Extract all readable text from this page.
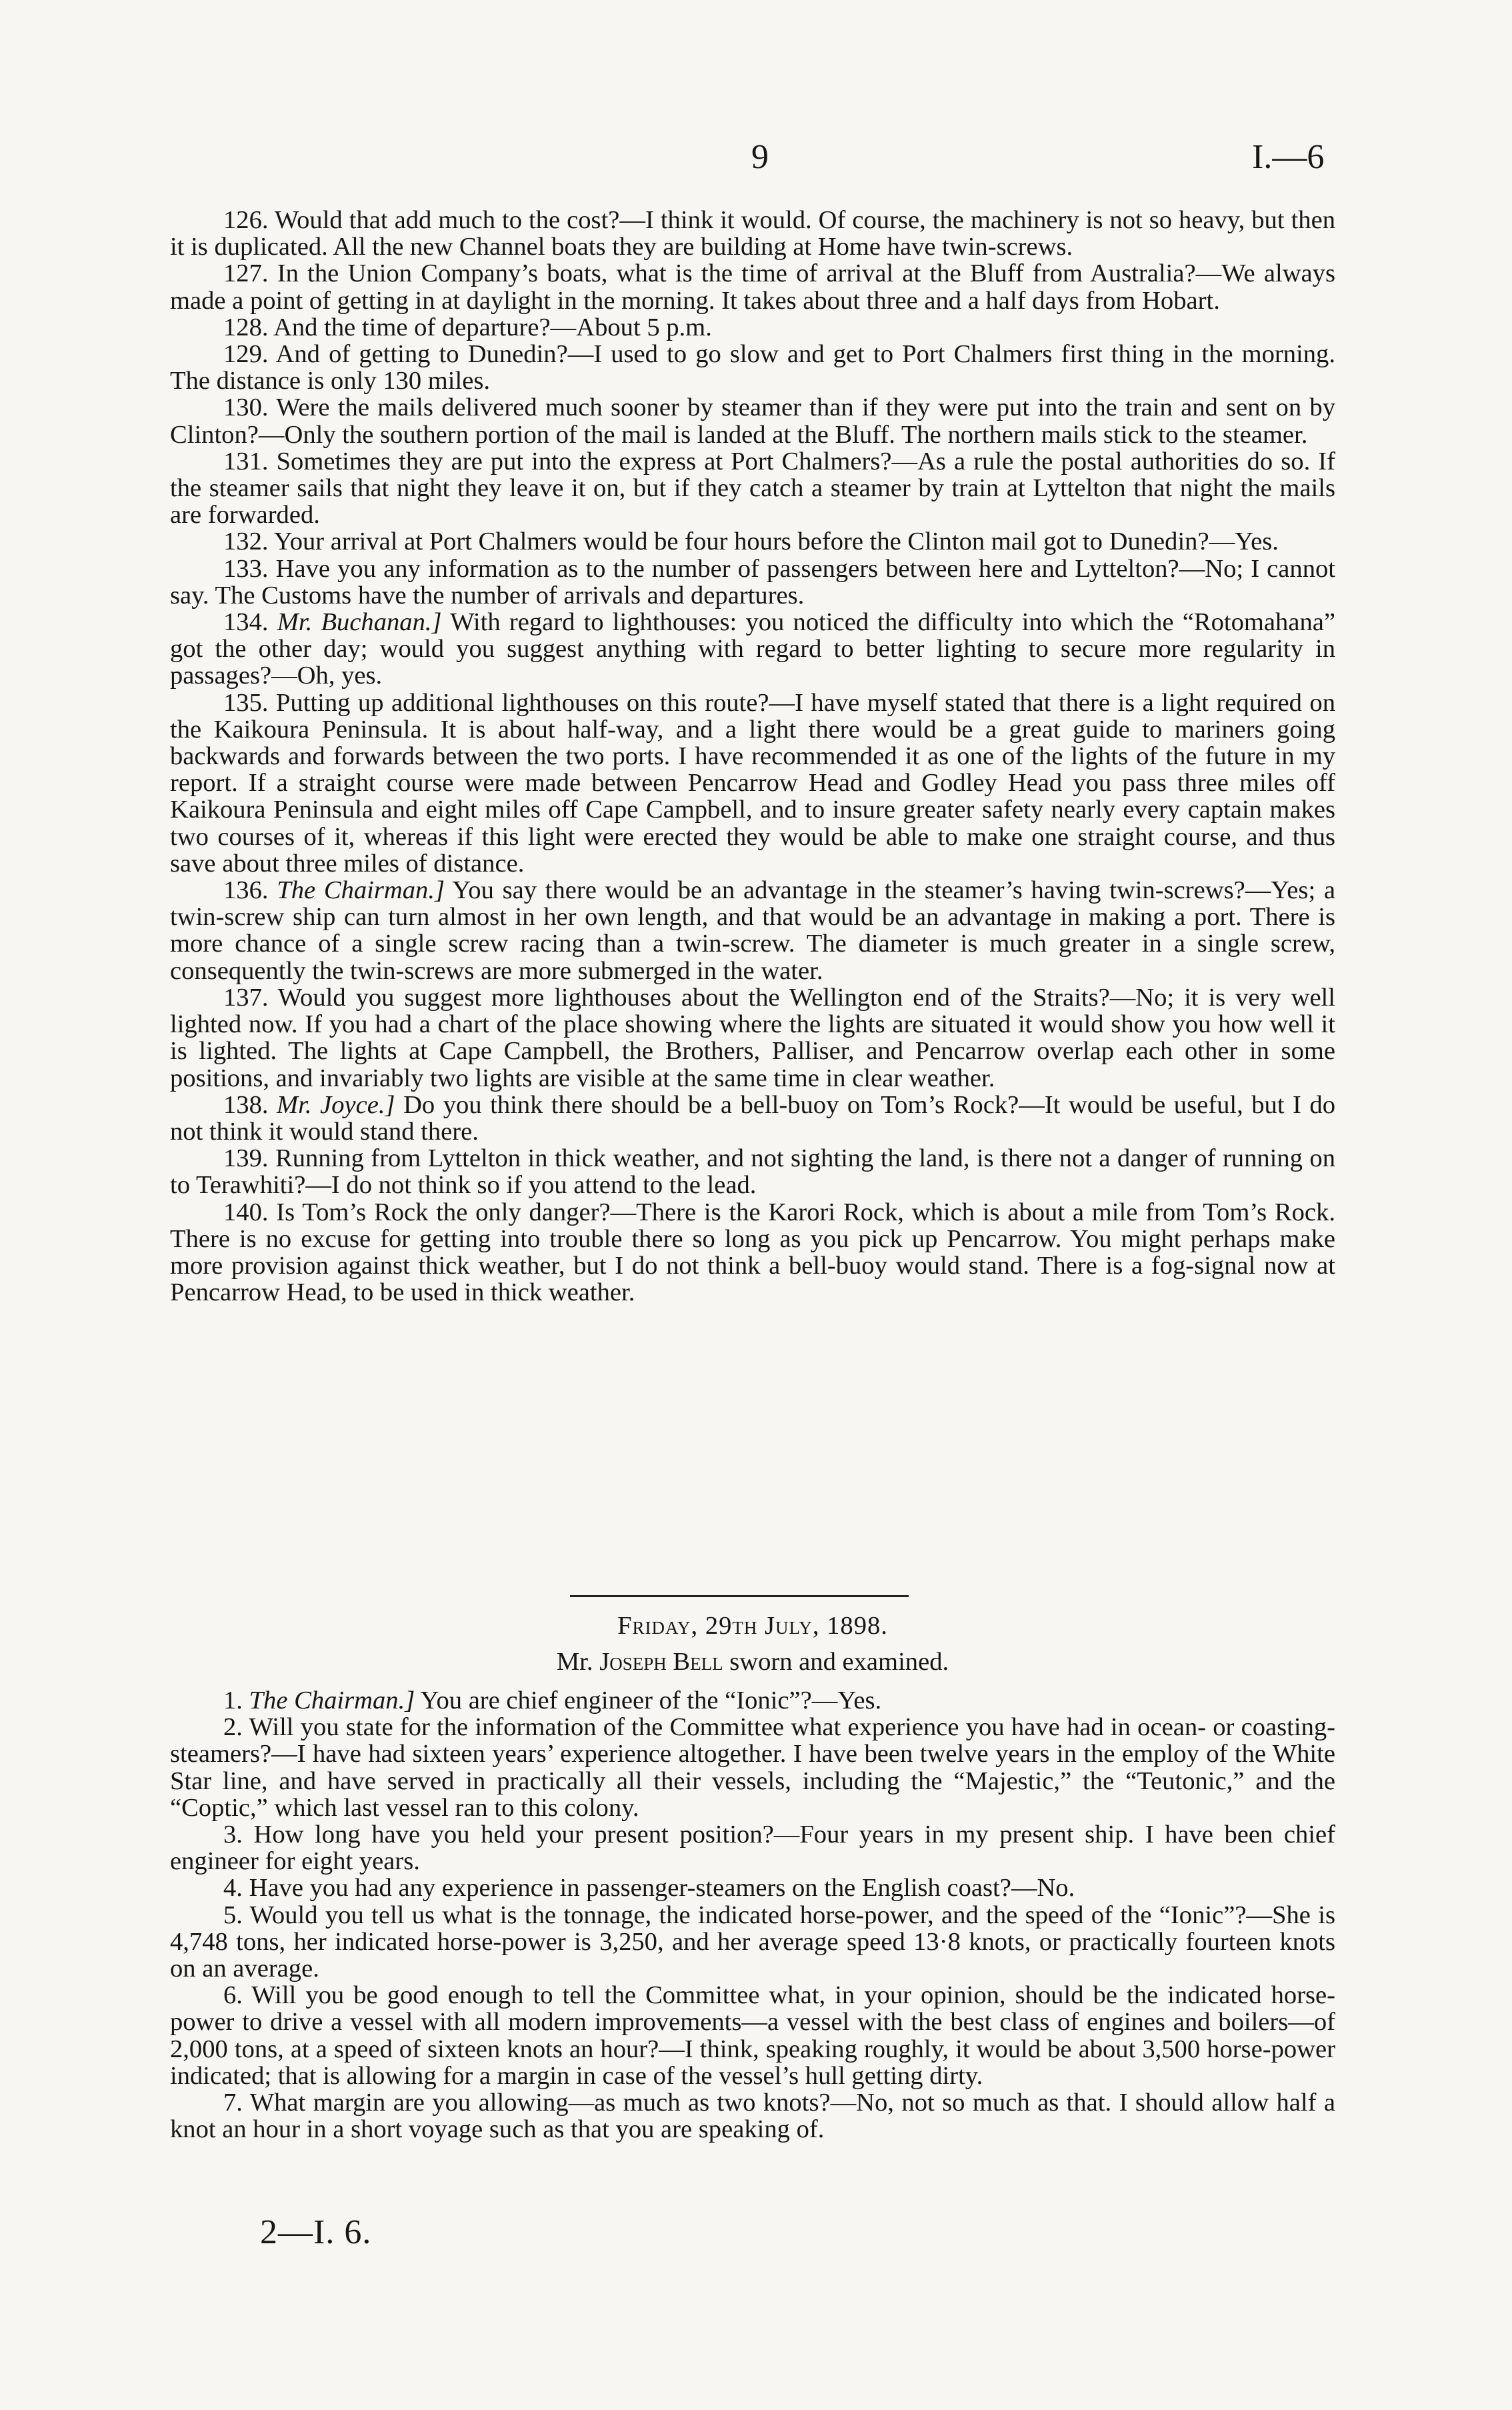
9	I.—6

126. Would that add much to the cost?—I think it would. Of course, the machinery is not so heavy, but then it is duplicated. All the new Channel boats they are building at Home have twin-screws.

127. In the Union Company’s boats, what is the time of arrival at the Bluff from Australia?—We always made a point of getting in at daylight in the morning. It takes about three and a half days from Hobart.

128. And the time of departure?—About 5 p.m.

129. And of getting to Dunedin?—I used to go slow and get to Port Chalmers first thing in the morning. The distance is only 130 miles.

130. Were the mails delivered much sooner by steamer than if they were put into the train and sent on by Clinton?—Only the southern portion of the mail is landed at the Bluff. The northern mails stick to the steamer.

131. Sometimes they are put into the express at Port Chalmers?—As a rule the postal authorities do so. If the steamer sails that night they leave it on, but if they catch a steamer by train at Lyttelton that night the mails are forwarded.

132. Your arrival at Port Chalmers would be four hours before the Clinton mail got to Dunedin?—Yes.

133. Have you any information as to the number of passengers between here and Lyttelton?—No; I cannot say. The Customs have the number of arrivals and departures.

134. Mr. Buchanan.] With regard to lighthouses: you noticed the difficulty into which the “Rotomahana” got the other day; would you suggest anything with regard to better lighting to secure more regularity in passages?—Oh, yes.

135. Putting up additional lighthouses on this route?—I have myself stated that there is a light required on the Kaikoura Peninsula. It is about half-way, and a light there would be a great guide to mariners going backwards and forwards between the two ports. I have recommended it as one of the lights of the future in my report. If a straight course were made between Pencarrow Head and Godley Head you pass three miles off Kaikoura Peninsula and eight miles off Cape Campbell, and to insure greater safety nearly every captain makes two courses of it, whereas if this light were erected they would be able to make one straight course, and thus save about three miles of distance.

136. The Chairman.] You say there would be an advantage in the steamer’s having twin-screws?—Yes; a twin-screw ship can turn almost in her own length, and that would be an advantage in making a port. There is more chance of a single screw racing than a twin-screw. The diameter is much greater in a single screw, consequently the twin-screws are more submerged in the water.

137. Would you suggest more lighthouses about the Wellington end of the Straits?—No; it is very well lighted now. If you had a chart of the place showing where the lights are situated it would show you how well it is lighted. The lights at Cape Campbell, the Brothers, Palliser, and Pencarrow overlap each other in some positions, and invariably two lights are visible at the same time in clear weather.

138. Mr. Joyce.] Do you think there should be a bell-buoy on Tom’s Rock?—It would be useful, but I do not think it would stand there.

139. Running from Lyttelton in thick weather, and not sighting the land, is there not a danger of running on to Terawhiti?—I do not think so if you attend to the lead.

140. Is Tom’s Rock the only danger?—There is the Karori Rock, which is about a mile from Tom’s Rock. There is no excuse for getting into trouble there so long as you pick up Pencarrow. You might perhaps make more provision against thick weather, but I do not think a bell-buoy would stand. There is a fog-signal now at Pencarrow Head, to be used in thick weather.

Friday, 29th July, 1898.
Mr. Joseph Bell sworn and examined.

1. The Chairman.] You are chief engineer of the “Ionic”?—Yes.

2. Will you state for the information of the Committee what experience you have had in ocean- or coasting-steamers?—I have had sixteen years’ experience altogether. I have been twelve years in the employ of the White Star line, and have served in practically all their vessels, including the “Majestic,” the “Teutonic,” and the “Coptic,” which last vessel ran to this colony.

3. How long have you held your present position?—Four years in my present ship. I have been chief engineer for eight years.

4. Have you had any experience in passenger-steamers on the English coast?—No.

5. Would you tell us what is the tonnage, the indicated horse-power, and the speed of the “Ionic”?—She is 4,748 tons, her indicated horse-power is 3,250, and her average speed 13·8 knots, or practically fourteen knots on an average.

6. Will you be good enough to tell the Committee what, in your opinion, should be the indicated horse-power to drive a vessel with all modern improvements—a vessel with the best class of engines and boilers—of 2,000 tons, at a speed of sixteen knots an hour?—I think, speaking roughly, it would be about 3,500 horse-power indicated; that is allowing for a margin in case of the vessel’s hull getting dirty.

7. What margin are you allowing—as much as two knots?—No, not so much as that. I should allow half a knot an hour in a short voyage such as that you are speaking of.

2—I. 6.
